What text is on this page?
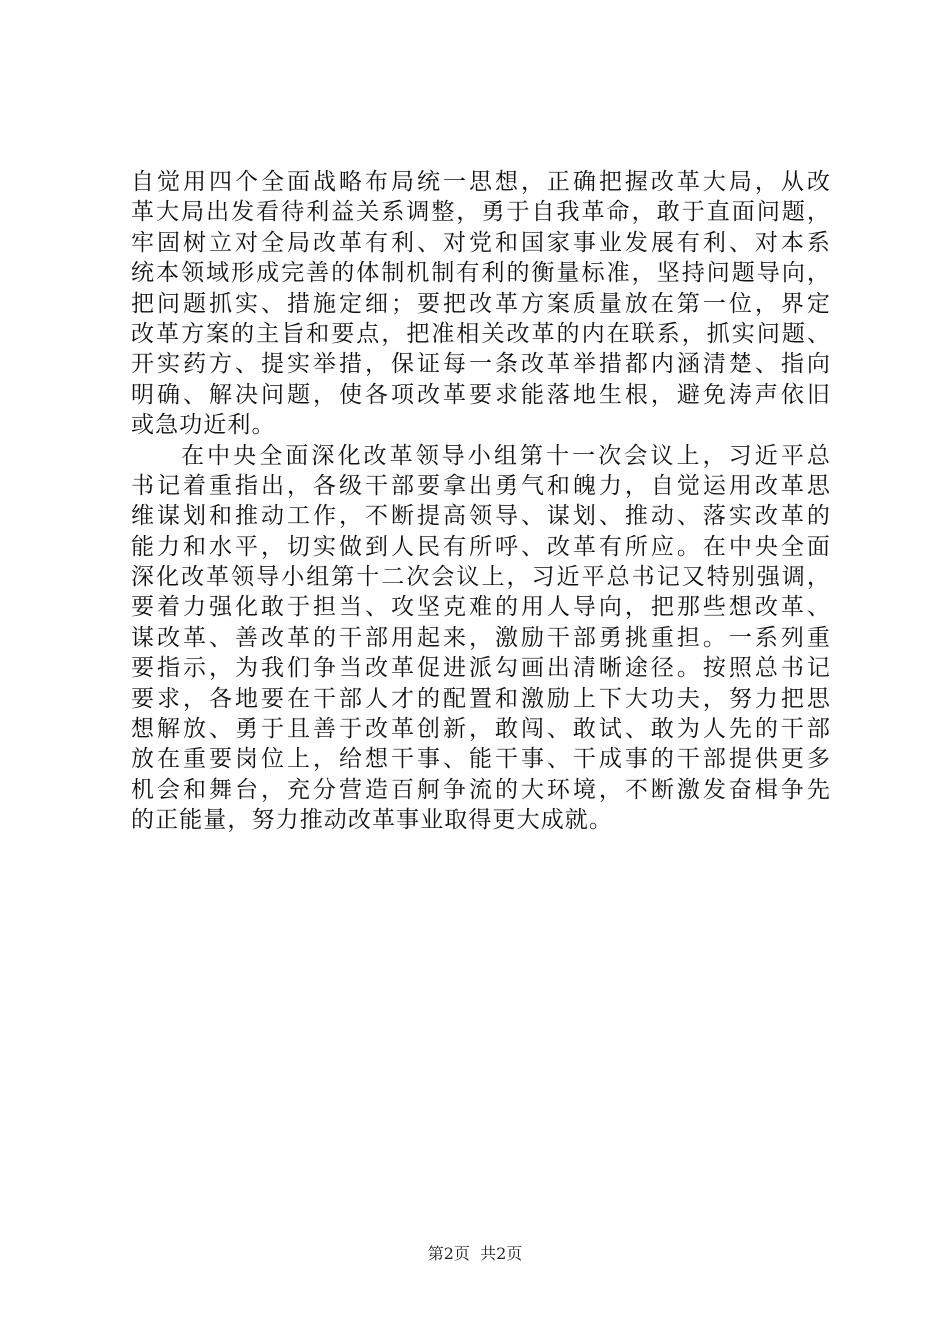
自觉用四个全面战略布局统一思想，正确把握改革大局，从改
革大局出发看待利益关系调整，勇于自我革命，敢于直面问题，
牢固树立对全局改革有利、对党和国家事业发展有利、对本系
统本领域形成完善的体制机制有利的衡量标准，坚持问题导向，
把问题抓实、措施定细；要把改革方案质量放在第一位，界定
改革方案的主旨和要点，把准相关改革的内在联系，抓实问题、
开实药方、提实举措，保证每一条改革举措都内涵清楚、指向
明确、解决问题，使各项改革要求能落地生根，避免涛声依旧
或急功近利。
在中央全面深化改革领导小组第十一次会议上，习近平总
书记着重指出，各级干部要拿出勇气和魄力，自觉运用改革思
维谋划和推动工作，不断提高领导、谋划、推动、落实改革的
能力和水平，切实做到人民有所呼、改革有所应。在中央全面
深化改革领导小组第十二次会议上，习近平总书记又特别强调，
要着力强化敢于担当、攻坚克难的用人导向，把那些想改革、
谋改革、善改革的干部用起来，激励干部勇挑重担。一系列重
要指示，为我们争当改革促进派勾画出清晰途径。按照总书记
要求，各地要在干部人才的配置和激励上下大功夫，努力把思
想解放、勇于且善于改革创新，敢闯、敢试、敢为人先的干部
放在重要岗位上，给想干事、能干事、干成事的干部提供更多
机会和舞台，充分营造百舸争流的大环境，不断激发奋楫争先
的正能量，努力推动改革事业取得更大成就。
第2页 共2页
